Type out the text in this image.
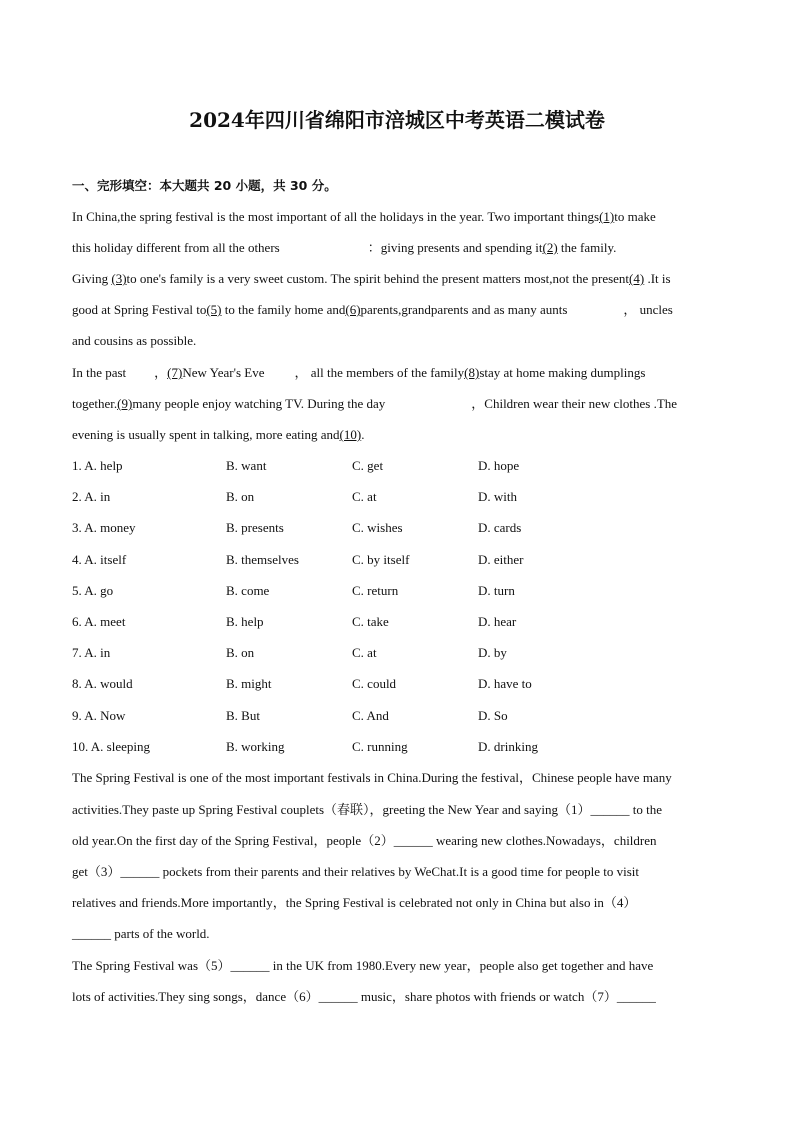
2024年四川省绵阳市涪城区中考英语二模试卷
一、完形填空：本大题共 20 小题，共 30 分。
In China,the spring festival is the most important of all the holidays in the year. Two important things(1)to make
this holiday different from all the others	：giving presents and spending it(2) the family.
Giving (3)to one's family is a very sweet custom. The spirit behind the present matters most,not the present(4) .It is
good at Spring Festival to(5) to the family home and(6)parents,grandparents and as many aunts	， uncles
and cousins as possible.
In the past ，(7)New Year's Eve ， all the members of the family(8)stay at home making dumplings
together.(9)many people enjoy watching TV. During the day	，Children wear their new clothes .The
evening is usually spent in talking, more eating and(10).
1. A. help	B. want	C. get	D. hope
2. A. in	B. on	C. at	D. with
3. A. money	B. presents	C. wishes	D. cards
4. A. itself	B. themselves	C. by itself	D. either
5. A. go	B. come	C. return	D. turn
6. A. meet	B. help	C. take	D. hear
7. A. in	B. on	C. at	D. by
8. A. would	B. might	C. could	D. have to
9. A. Now	B. But	C. And	D. So
10. A. sleeping	B. working	C. running	D. drinking
The Spring Festival is one of the most important festivals in China.During the festival，Chinese people have many
activities.They paste up Spring Festival couplets（春联），greeting the New Year and saying（1）______ to the
old year.On the first day of the Spring Festival，people（2）______ wearing new clothes.Nowadays，children
get（3）______ pockets from their parents and their relatives by WeChat.It is a good time for people to visit
relatives and friends.More importantly，the Spring Festival is celebrated not only in China but also in（4）
______ parts of the world.
The Spring Festival was（5）______ in the UK from 1980.Every new year，people also get together and have
lots of activities.They sing songs，dance（6）______ music，share photos with friends or watch（7）______
